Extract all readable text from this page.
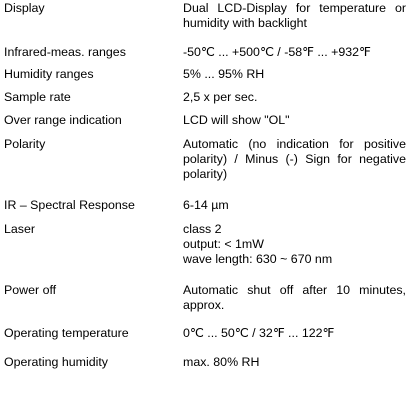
Display	Dual LCD-Display for temperature or humidity with backlight
Infrared-meas. ranges	-50℃ ... +500℃ / -58℉ ... +932℉
Humidity ranges	5% ... 95% RH
Sample rate	2,5 x per sec.
Over range indication	LCD will show "OL"
Polarity	Automatic (no indication for positive polarity) / Minus (-) Sign for negative polarity)
IR – Spectral Response	6-14 µm
Laser	class 2
output: < 1mW
wave length: 630 ~ 670 nm
Power off	Automatic shut off after 10 minutes, approx.
Operating temperature	0℃ ... 50℃ / 32℉ ... 122℉
Operating humidity	max. 80% RH
